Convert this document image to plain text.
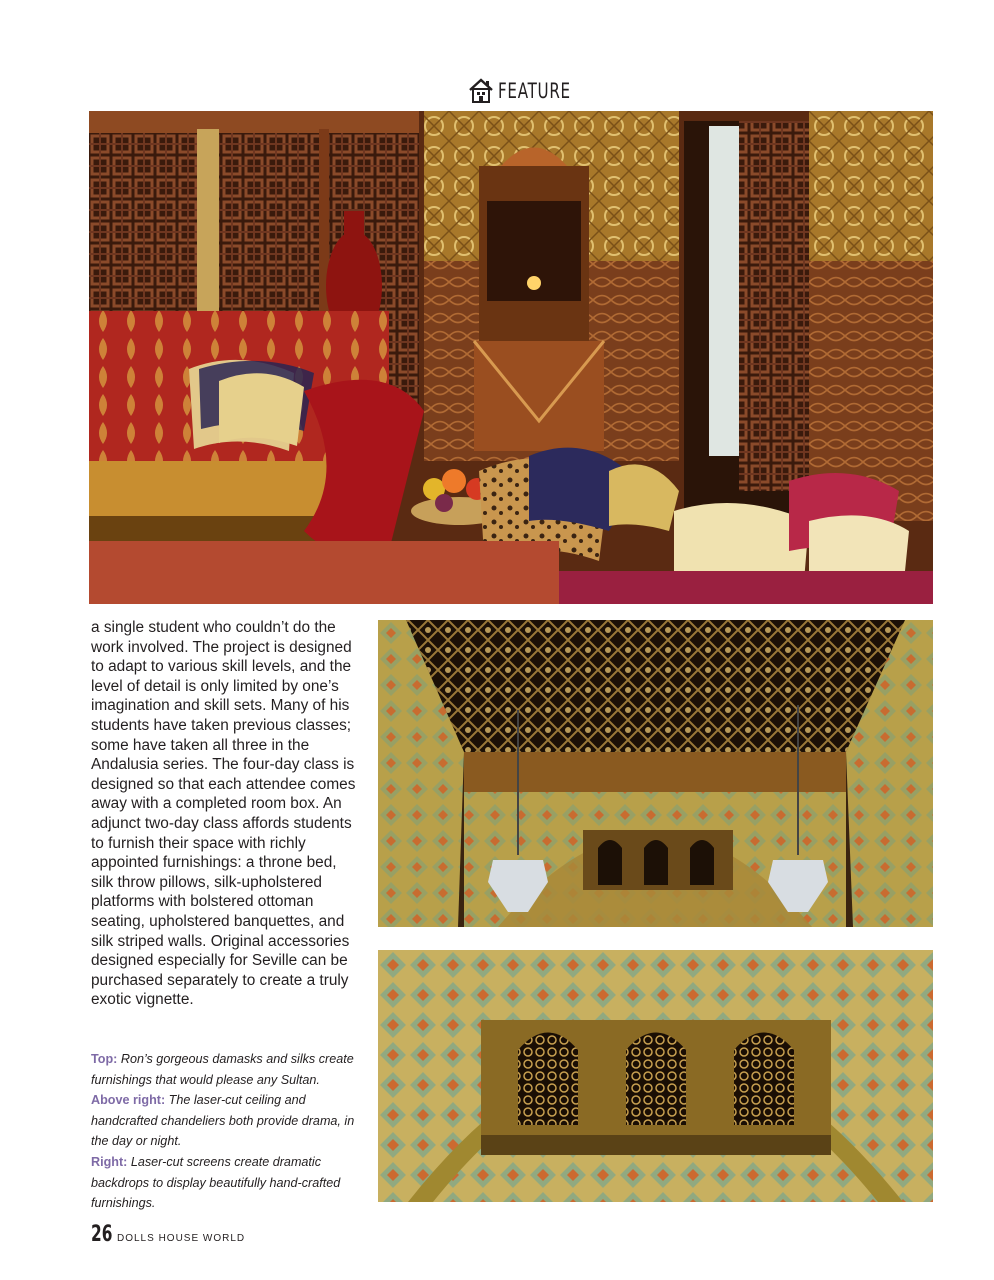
FEATURE

a single student who couldn’t do the work involved. The project is designed to adapt to various skill levels, and the level of detail is only limited by one’s imagination and skill sets. Many of his students have taken previous classes; some have taken all three in the Andalusia series. The four-day class is designed so that each attendee comes away with a completed room box. An adjunct two-day class affords students to furnish their space with richly appointed furnishings: a throne bed, silk throw pillows, silk-upholstered platforms with bolstered ottoman seating, upholstered banquettes, and silk striped walls. Original accessories designed especially for Seville can be purchased separately to create a truly exotic vignette.

Top: Ron’s gorgeous damasks and silks create furnishings that would please any Sultan.

Above right: The laser-cut ceiling and handcrafted chandeliers both provide drama, in the day or night.

Right: Laser-cut screens create dramatic backdrops to display beautifully hand-crafted furnishings.

26 DOLLS HOUSE WORLD
